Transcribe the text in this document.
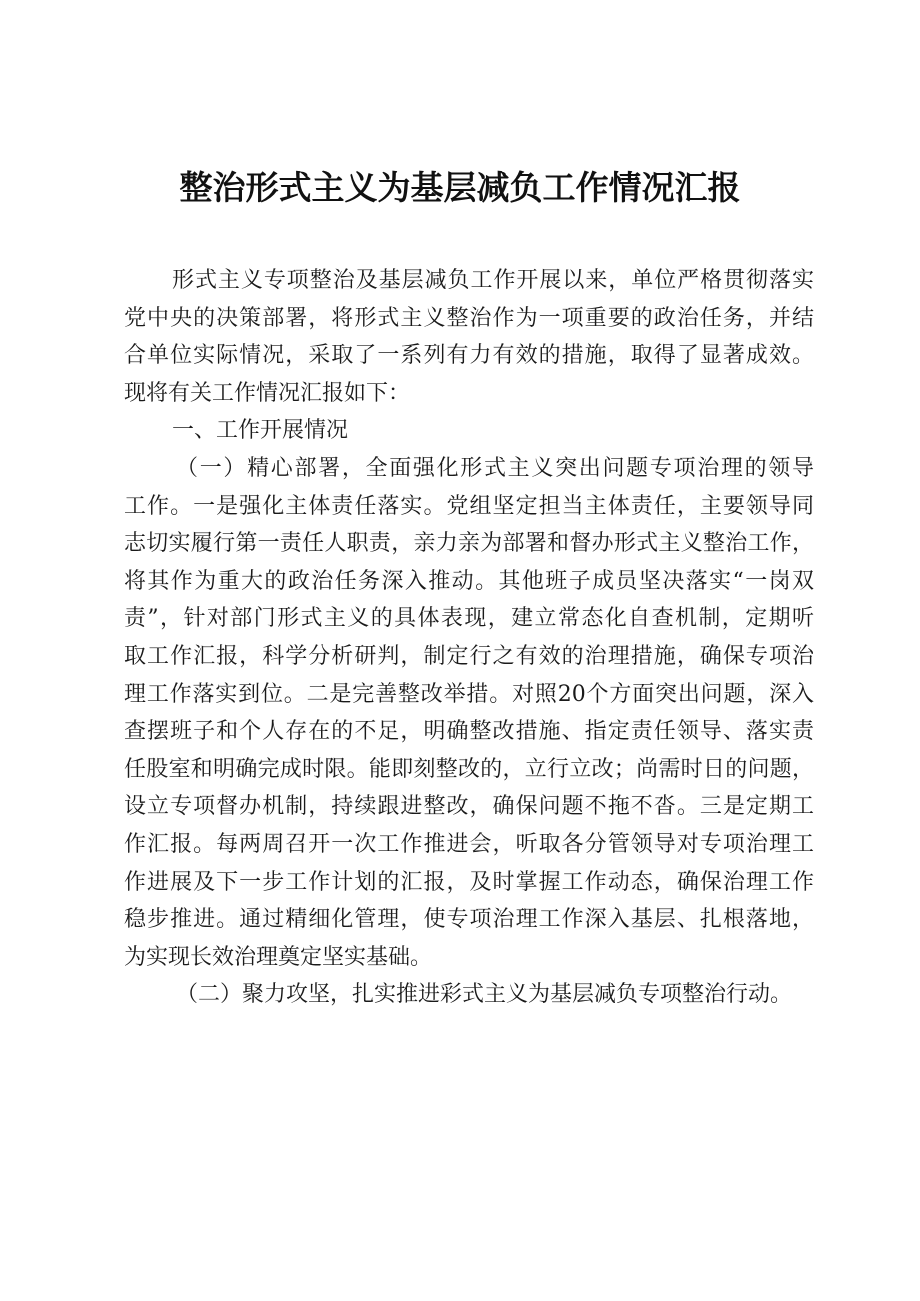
整治形式主义为基层减负工作情况汇报
形式主义专项整治及基层减负工作开展以来，单位严格贯彻落实
党中央的决策部署，将形式主义整治作为一项重要的政治任务，并结
合单位实际情况，采取了一系列有力有效的措施，取得了显著成效。
现将有关工作情况汇报如下：
一、工作开展情况
（一）精心部署，全面强化形式主义突出问题专项治理的领导
工作。一是强化主体责任落实。党组坚定担当主体责任，主要领导同
志切实履行第一责任人职责，亲力亲为部署和督办形式主义整治工作，
将其作为重大的政治任务深入推动。其他班子成员坚决落实“一岗双
责”，针对部门形式主义的具体表现，建立常态化自查机制，定期听
取工作汇报，科学分析研判，制定行之有效的治理措施，确保专项治
理工作落实到位。二是完善整改举措。对照20个方面突出问题，深入
查摆班子和个人存在的不足，明确整改措施、指定责任领导、落实责
任股室和明确完成时限。能即刻整改的，立行立改；尚需时日的问题，
设立专项督办机制，持续跟进整改，确保问题不拖不沓。三是定期工
作汇报。每两周召开一次工作推进会，听取各分管领导对专项治理工
作进展及下一步工作计划的汇报，及时掌握工作动态，确保治理工作
稳步推进。通过精细化管理，使专项治理工作深入基层、扎根落地，
为实现长效治理奠定坚实基础。
（二）聚力攻坚，扎实推进彩式主义为基层减负专项整治行动。
